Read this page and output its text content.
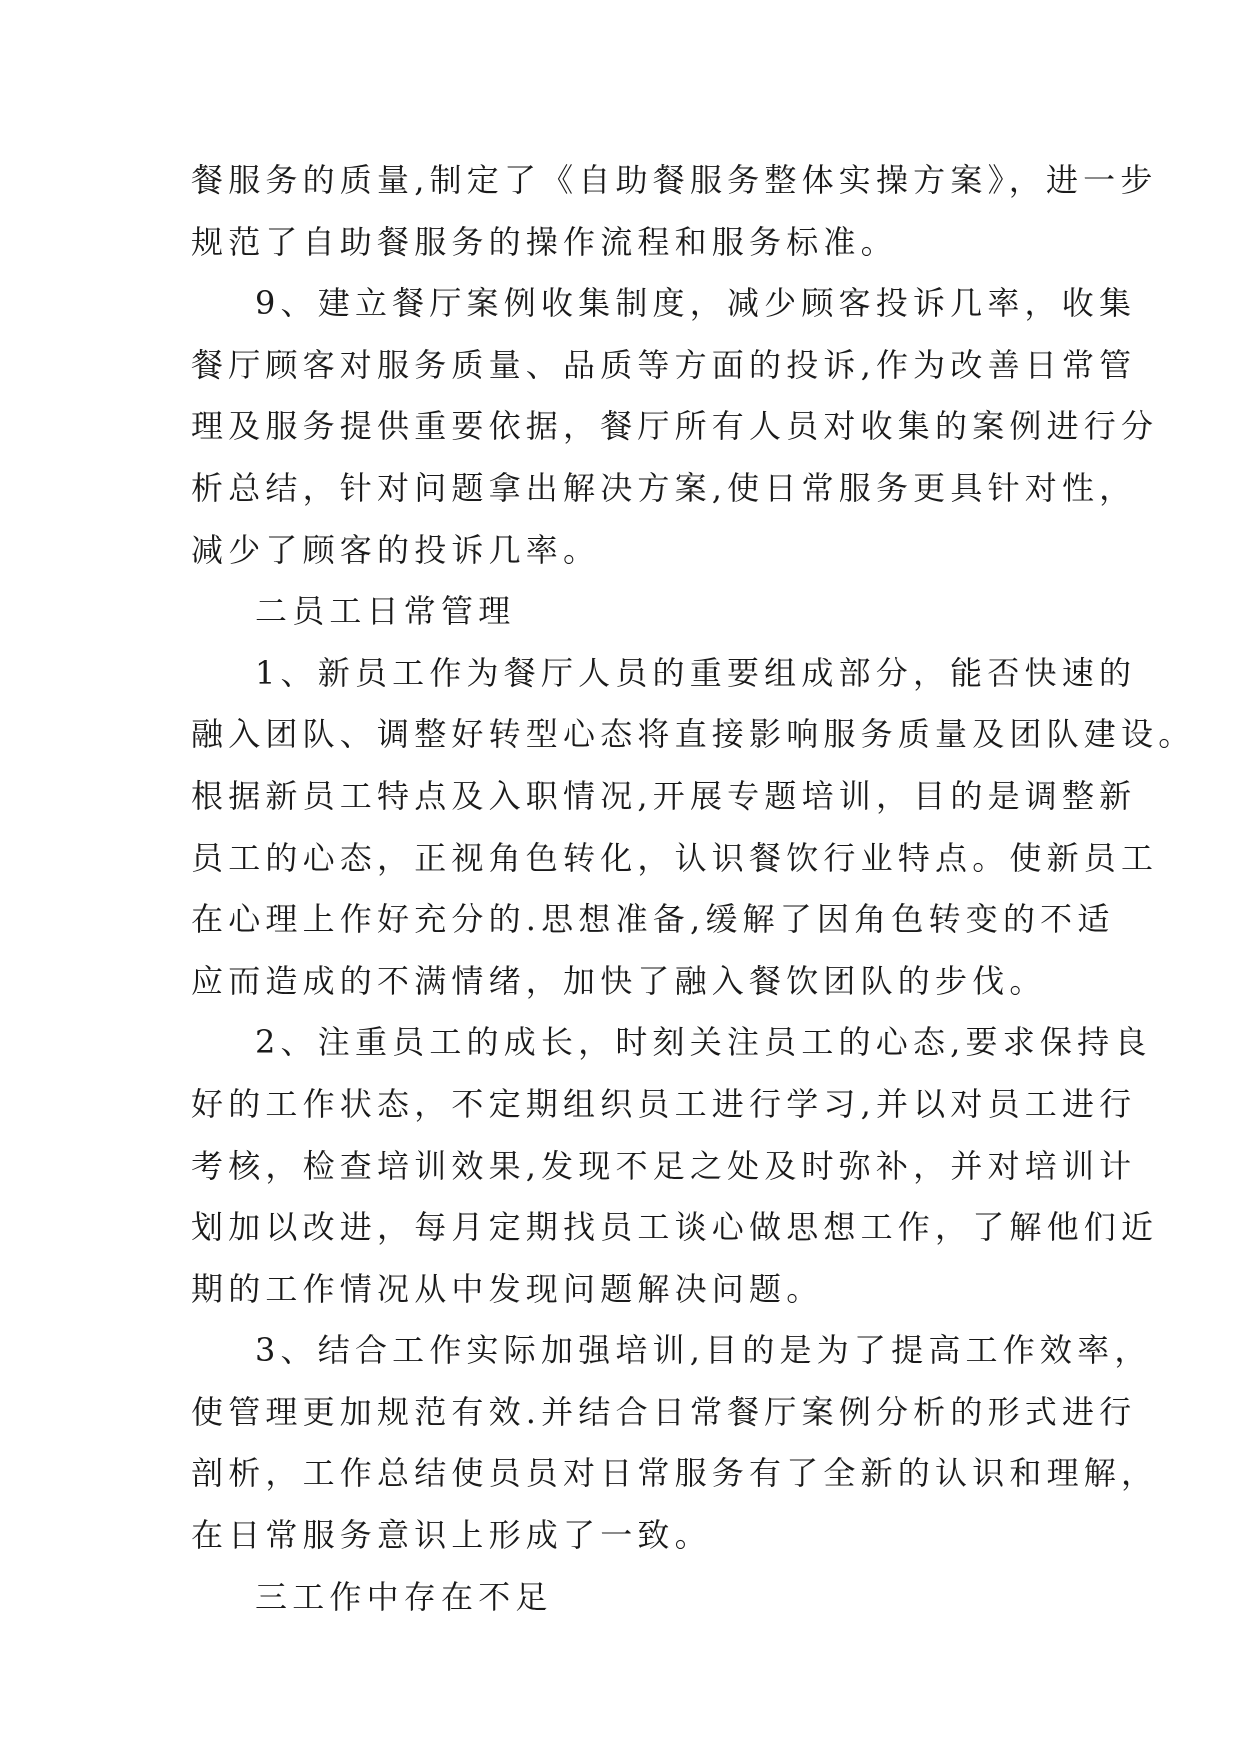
餐服务的质量,制定了《自助餐服务整体实操方案》，进一步
规范了自助餐服务的操作流程和服务标准。
9、建立餐厅案例收集制度，减少顾客投诉几率，收集
餐厅顾客对服务质量、品质等方面的投诉,作为改善日常管
理及服务提供重要依据，餐厅所有人员对收集的案例进行分
析总结，针对问题拿出解决方案,使日常服务更具针对性，
减少了顾客的投诉几率。
二员工日常管理
1、新员工作为餐厅人员的重要组成部分，能否快速的
融入团队、调整好转型心态将直接影响服务质量及团队建设。
根据新员工特点及入职情况,开展专题培训，目的是调整新
员工的心态，正视角色转化，认识餐饮行业特点。使新员工
在心理上作好充分的.思想准备,缓解了因角色转变的不适
应而造成的不满情绪，加快了融入餐饮团队的步伐。
2、注重员工的成长，时刻关注员工的心态,要求保持良
好的工作状态，不定期组织员工进行学习,并以对员工进行
考核，检查培训效果,发现不足之处及时弥补，并对培训计
划加以改进，每月定期找员工谈心做思想工作，了解他们近
期的工作情况从中发现问题解决问题。
3、结合工作实际加强培训,目的是为了提高工作效率，
使管理更加规范有效.并结合日常餐厅案例分析的形式进行
剖析，工作总结使员员对日常服务有了全新的认识和理解，
在日常服务意识上形成了一致。
三工作中存在不足
